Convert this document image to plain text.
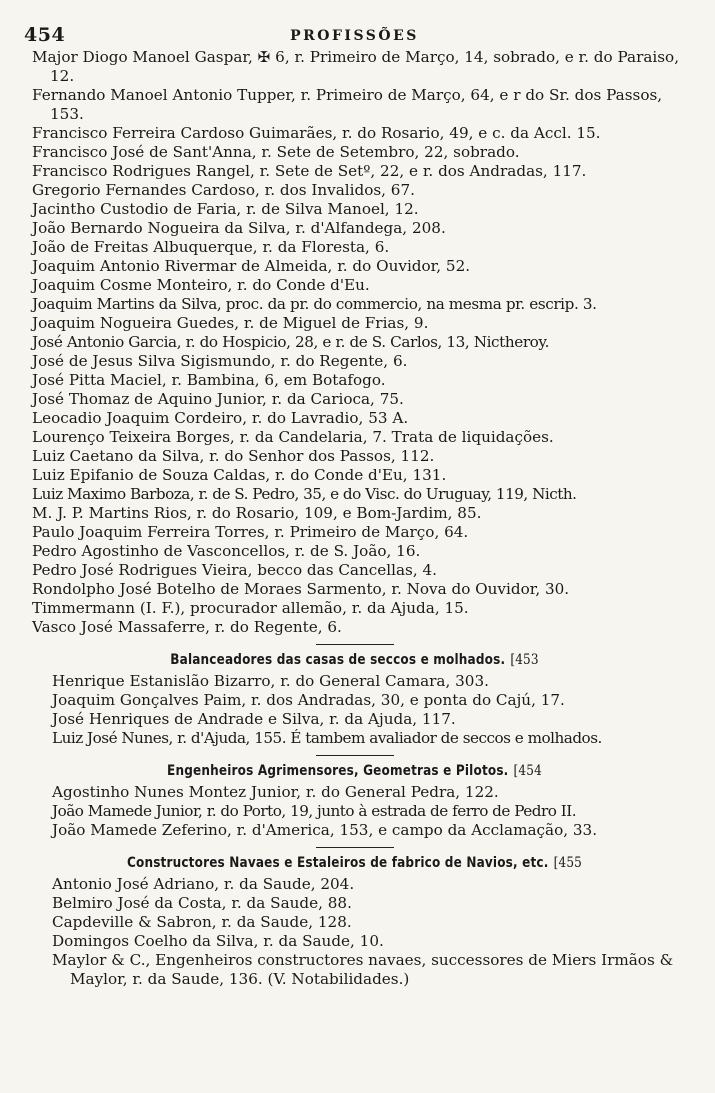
454	PROFISSÕES
Major Diogo Manoel Gaspar, ✠ 6, r. Primeiro de Março, 14, sobrado, e r. do Paraiso, 12.
Fernando Manoel Antonio Tupper, r. Primeiro de Março, 64, e r do Sr. dos Passos, 153.
Francisco Ferreira Cardoso Guimarães, r. do Rosario, 49, e c. da Accl. 15.
Francisco José de Sant'Anna, r. Sete de Setembro, 22, sobrado.
Francisco Rodrigues Rangel, r. Sete de Setº, 22, e r. dos Andradas, 117.
Gregorio Fernandes Cardoso, r. dos Invalidos, 67.
Jacintho Custodio de Faria, r. de Silva Manoel, 12.
João Bernardo Nogueira da Silva, r. d'Alfandega, 208.
João de Freitas Albuquerque, r. da Floresta, 6.
Joaquim Antonio Rivermar de Almeida, r. do Ouvidor, 52.
Joaquim Cosme Monteiro, r. do Conde d'Eu.
Joaquim Martins da Silva, proc. da pr. do commercio, na mesma pr. escrip. 3.
Joaquim Nogueira Guedes, r. de Miguel de Frias, 9.
José Antonio Garcia, r. do Hospicio, 28, e r. de S. Carlos, 13, Nictheroy.
José de Jesus Silva Sigismundo, r. do Regente, 6.
José Pitta Maciel, r. Bambina, 6, em Botafogo.
José Thomaz de Aquino Junior, r. da Carioca, 75.
Leocadio Joaquim Cordeiro, r. do Lavradio, 53 A.
Lourenço Teixeira Borges, r. da Candelaria, 7. Trata de liquidações.
Luiz Caetano da Silva, r. do Senhor dos Passos, 112.
Luiz Epifanio de Souza Caldas, r. do Conde d'Eu, 131.
Luiz Maximo Barboza, r. de S. Pedro, 35, e do Visc. do Uruguay, 119, Nicth.
M. J. P. Martins Rios, r. do Rosario, 109, e Bom-Jardim, 85.
Paulo Joaquim Ferreira Torres, r. Primeiro de Março, 64.
Pedro Agostinho de Vasconcellos, r. de S. João, 16.
Pedro José Rodrigues Vieira, becco das Cancellas, 4.
Rondolpho José Botelho de Moraes Sarmento, r. Nova do Ouvidor, 30.
Timmermann (I. F.), procurador allemão, r. da Ajuda, 15.
Vasco José Massaferre, r. do Regente, 6.
Balanceadores das casas de seccos e molhados. [453
Henrique Estanislão Bizarro, r. do General Camara, 303.
Joaquim Gonçalves Paim, r. dos Andradas, 30, e ponta do Cajú, 17.
José Henriques de Andrade e Silva, r. da Ajuda, 117.
Luiz José Nunes, r. d'Ajuda, 155. É tambem avaliador de seccos e molhados.
Engenheiros Agrimensores, Geometras e Pilotos. [454
Agostinho Nunes Montez Junior, r. do General Pedra, 122.
João Mamede Junior, r. do Porto, 19, junto à estrada de ferro de Pedro II.
João Mamede Zeferino, r. d'America, 153, e campo da Acclamação, 33.
Constructores Navaes e Estaleiros de fabrico de Navios, etc. [455
Antonio José Adriano, r. da Saude, 204.
Belmiro José da Costa, r. da Saude, 88.
Capdeville & Sabron, r. da Saude, 128.
Domingos Coelho da Silva, r. da Saude, 10.
Maylor & C., Engenheiros constructores navaes, successores de Miers Irmãos & Maylor, r. da Saude, 136. (V. Notabilidades.)
